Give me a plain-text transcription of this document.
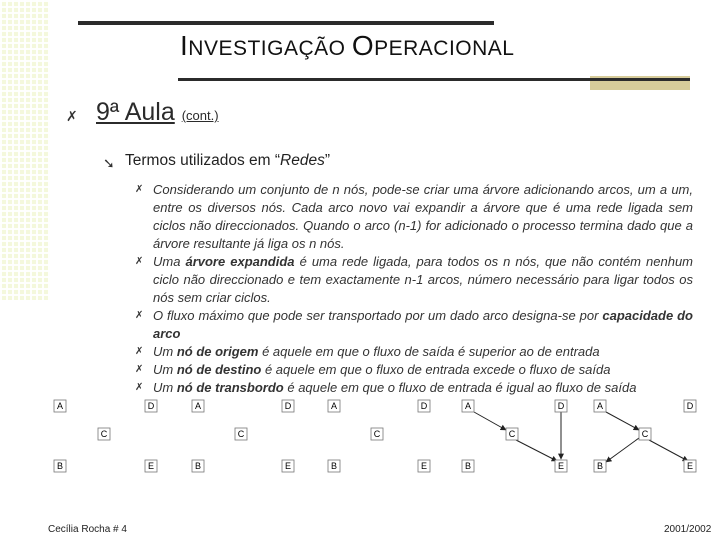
INVESTIGAÇÃO OPERACIONAL
✗ 9ª Aula (cont.)
➘ Termos utilizados em “Redes”
✗ Considerando um conjunto de n nós, pode-se criar uma árvore adicionando arcos, um a um, entre os diversos nós. Cada arco novo vai expandir a árvore que é uma rede ligada sem ciclos não direccionados. Quando o arco (n-1) for adicionado o processo termina dado que a árvore resultante já liga os n nós.
✗ Uma árvore expandida é uma rede ligada, para todos os n nós, que não contém nenhum ciclo não direccionado e tem exactamente n-1 arcos, número necessário para ligar todos os nós sem criar ciclos.
✗ O fluxo máximo que pode ser transportado por um dado arco designa-se por capacidade do arco
✗ Um nó de origem é aquele em que o fluxo de saída é superior ao de entrada
✗ Um nó de destino é aquele em que o fluxo de entrada excede o fluxo de saída
✗ Um nó de transbordo é aquele em que o fluxo de entrada é igual ao fluxo de saída
A	D
C
B	E
A	D
C
B	E
A	D
C
B	E
A	D
C
B	E
A	D
C
B	E
Cecília Rocha # 4	2001/2002
